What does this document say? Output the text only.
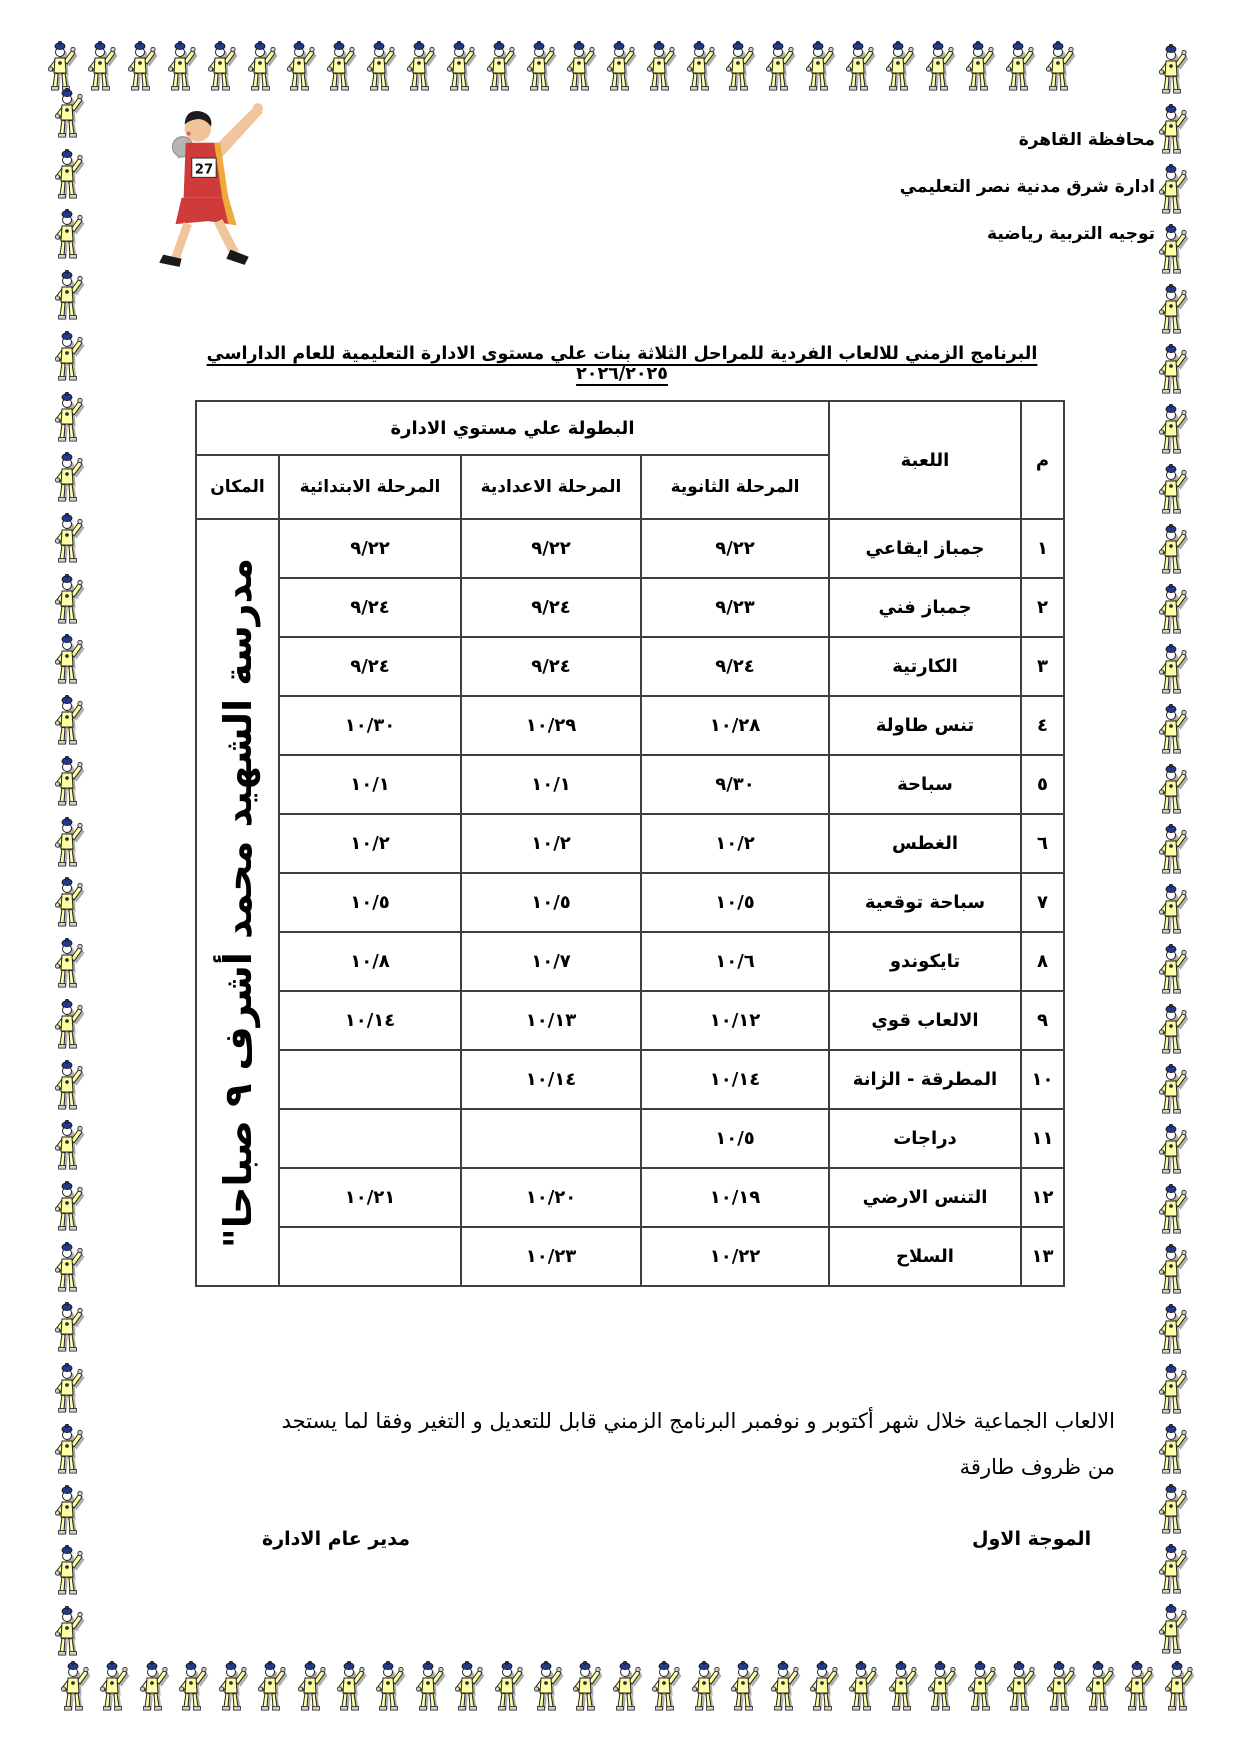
27
محافظة القاهرة
ادارة شرق مدنية نصر التعليمي
توجيه التربية رياضية
البرنامج الزمني للالعاب الفردية للمراحل الثلاثة بنات علي مستوى الادارة التعليمية للعام الداراسي ٢٠٢٦/٢٠٢٥
م	اللعبة	البطولة علي مستوي الادارة			
		المرحلة الثانوية	المرحلة الاعدادية	المرحلة الابتدائية	المكان
١	جمباز ايقاعي	٩/٢٢	٩/٢٢	٩/٢٢	مدرسة الشهيد محمد أشرف ٩ صباحا"

٢	جمباز فني	٩/٢٣	٩/٢٤	٩/٢٤	
٣	الكارتية	٩/٢٤	٩/٢٤	٩/٢٤	
٤	تنس طاولة	١٠/٢٨	١٠/٢٩	١٠/٣٠	
٥	سباحة	٩/٣٠	١٠/١	١٠/١	
٦	الغطس	١٠/٢	١٠/٢	١٠/٢	
٧	سباحة توقعية	١٠/٥	١٠/٥	١٠/٥	
٨	تايكوندو	١٠/٦	١٠/٧	١٠/٨	
٩	الالعاب قوي	١٠/١٢	١٠/١٣	١٠/١٤	
١٠	المطرقة - الزانة	١٠/١٤	١٠/١٤		
١١	دراجات	١٠/٥			
١٢	التنس الارضي	١٠/١٩	١٠/٢٠	١٠/٢١	
١٣	السلاح	١٠/٢٢	١٠/٢٣		
الالعاب الجماعية خلال شهر أكتوبر و نوفمبر البرنامج الزمني قابل للتعديل و التغير وفقا لما يستجد
من ظروف طارقة
الموجة الاول
مدير عام الادارة
